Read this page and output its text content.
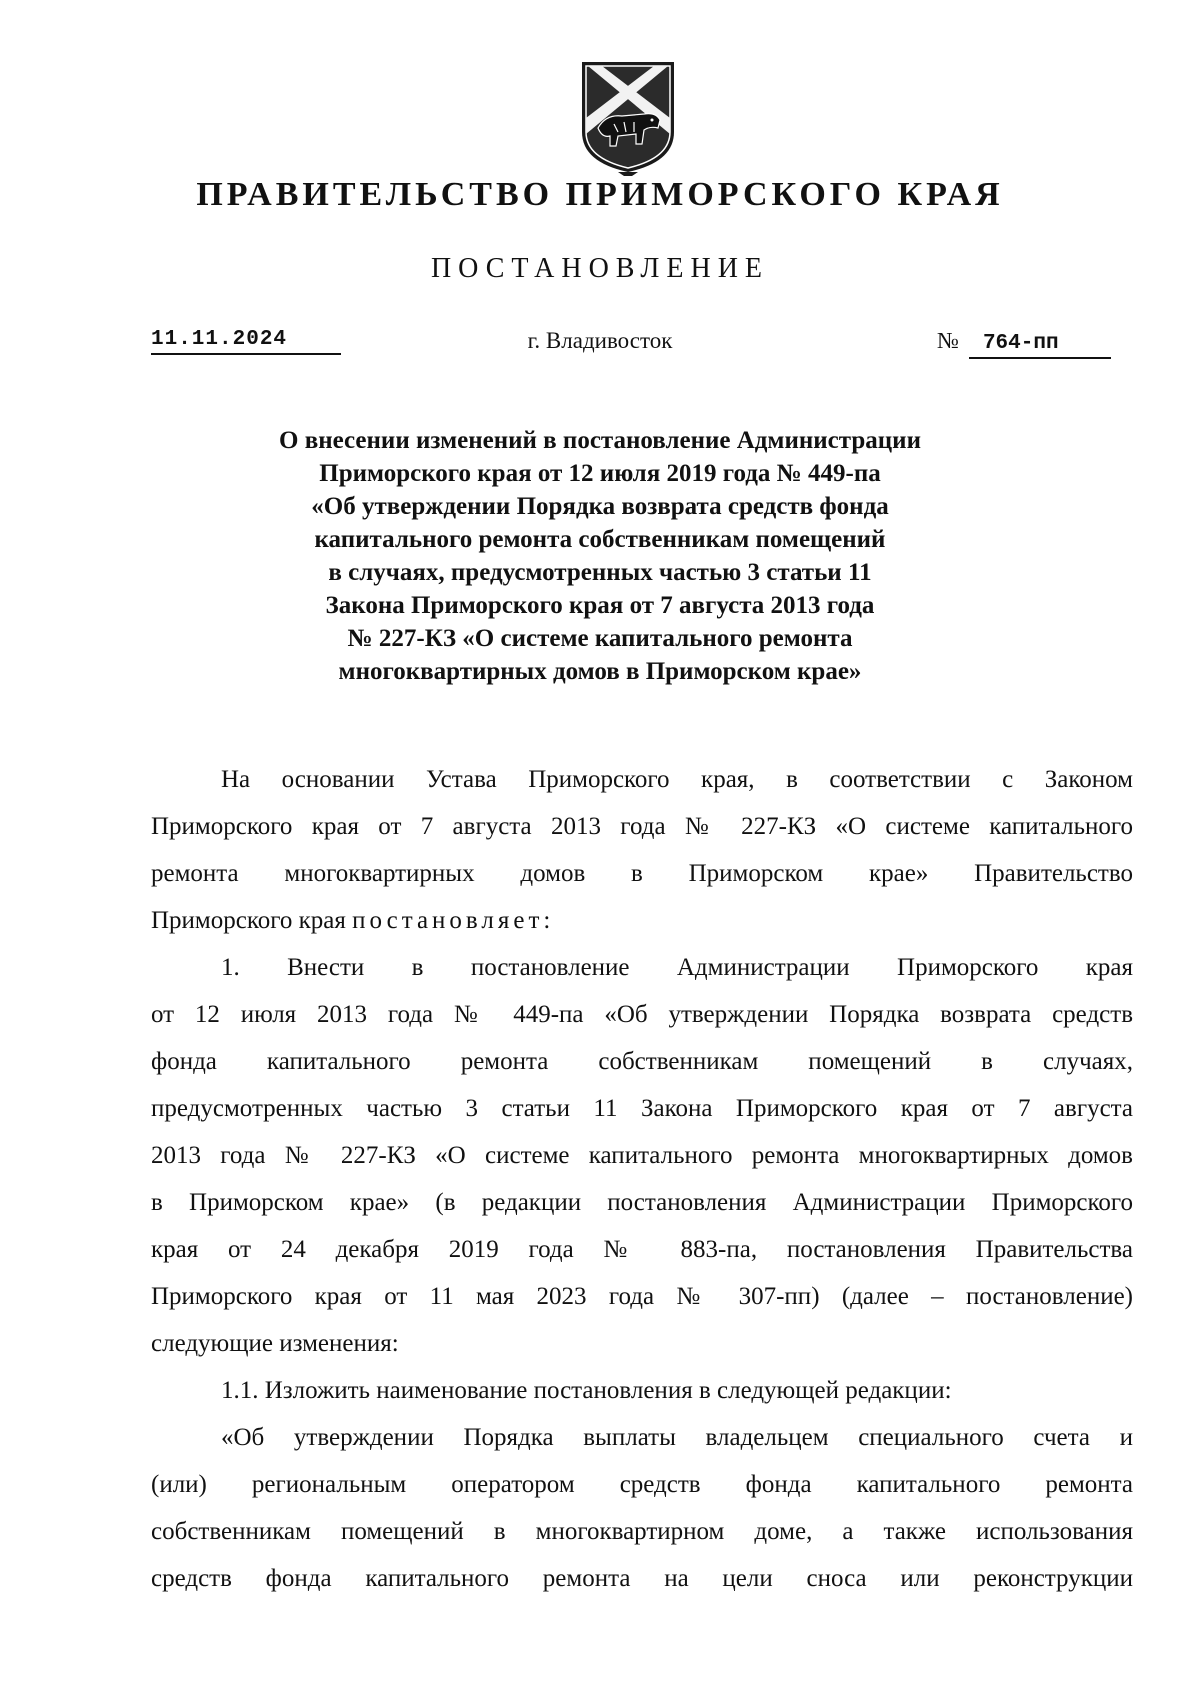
ПРАВИТЕЛЬСТВО ПРИМОРСКОГО КРАЯ
ПОСТАНОВЛЕНИЕ
г. Владивосток
11.11.2024	№ 764-пп
О внесении изменений в постановление Администрации
Приморского края от 12 июля 2019 года № 449-па
«Об утверждении Порядка возврата средств фонда
капитального ремонта собственникам помещений
в случаях, предусмотренных частью 3 статьи 11
Закона Приморского края от 7 августа 2013 года
№ 227-КЗ «О системе капитального ремонта
многоквартирных домов в Приморском крае»
На основании Устава Приморского края, в соответствии с Законом
Приморского края от 7 августа 2013 года № 227-КЗ «О системе капитального
ремонта многоквартирных домов в Приморском крае» Правительство
Приморского края постановляет:
1. Внести в постановление Администрации Приморского края
от 12 июля 2013 года № 449-па «Об утверждении Порядка возврата средств
фонда капитального ремонта собственникам помещений в случаях,
предусмотренных частью 3 статьи 11 Закона Приморского края от 7 августа
2013 года № 227-КЗ «О системе капитального ремонта многоквартирных домов
в Приморском крае» (в редакции постановления Администрации Приморского
края от 24 декабря 2019 года № 883-па, постановления Правительства
Приморского края от 11 мая 2023 года № 307-пп) (далее – постановление)
следующие изменения:
1.1. Изложить наименование постановления в следующей редакции:
«Об утверждении Порядка выплаты владельцем специального счета и
(или) региональным оператором средств фонда капитального ремонта
собственникам помещений в многоквартирном доме, а также использования
средств фонда капитального ремонта на цели сноса или реконструкции
